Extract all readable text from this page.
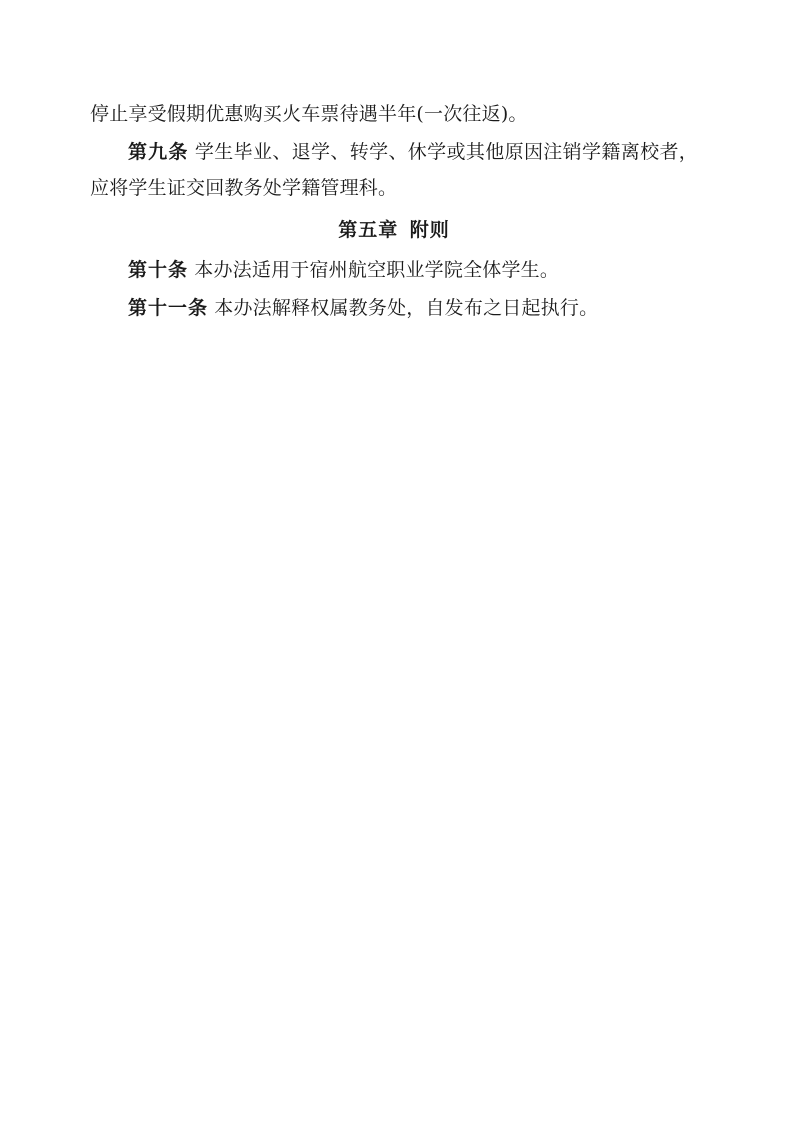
停止享受假期优惠购买火车票待遇半年(一次往返)。

第九条 学生毕业、退学、转学、休学或其他原因注销学籍离校者，应将学生证交回教务处学籍管理科。

第五章 附则

第十条 本办法适用于宿州航空职业学院全体学生。

第十一条 本办法解释权属教务处，自发布之日起执行。
